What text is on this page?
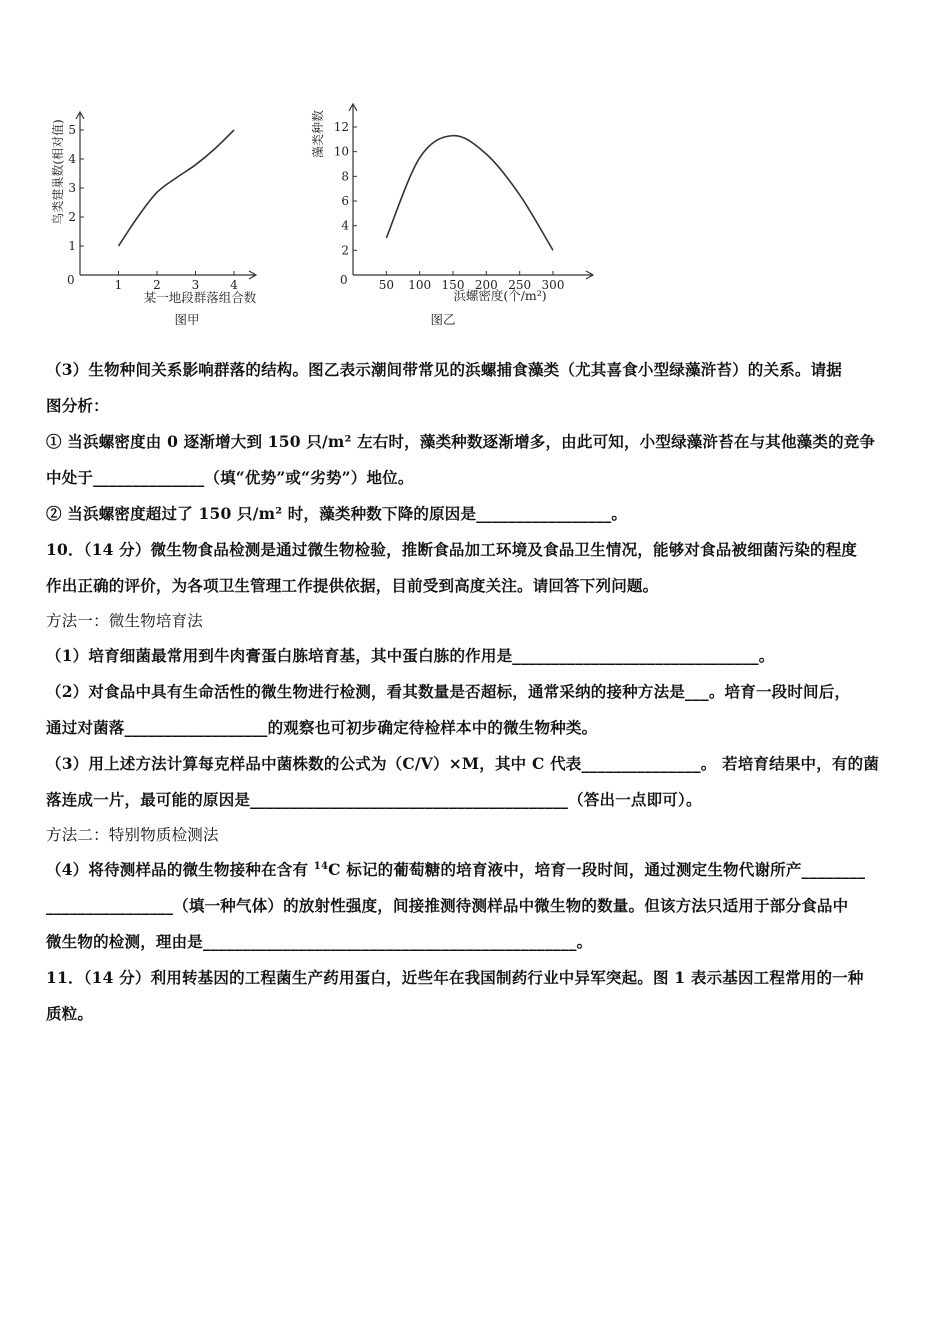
1
2
3
4
5
1	2	3	4
鸟类建巢数(相对值)
0
某一地段群落组合数
图甲
2
4
6
8
10
12
50 100 150 200 250 300
藻类种数
0
浜螺密度(个/m²)
图乙
（3）生物种间关系影响群落的结构。图乙表示潮间带常见的浜螺捕食藻类（尤其喜食小型绿藻浒苔）的关系。请据
图分析：
① 当浜螺密度由 0 逐渐增大到 150 只/m² 左右时，藻类种数逐渐增多，由此可知，小型绿藻浒苔在与其他藻类的竞争
中处于______________（填“优势”或“劣势”）地位。
② 当浜螺密度超过了 150 只/m² 时，藻类种数下降的原因是_________________。
10．（14 分）微生物食品检测是通过微生物检验，推断食品加工环境及食品卫生情况，能够对食品被细菌污染的程度
作出正确的评价，为各项卫生管理工作提供依据，目前受到高度关注。请回答下列问题。
方法一：微生物培育法
（1）培育细菌最常用到牛肉膏蛋白胨培育基，其中蛋白胨的作用是_______________________________。
（2）对食品中具有生命活性的微生物进行检测，看其数量是否超标，通常采纳的接种方法是___。培育一段时间后，
通过对菌落__________________的观察也可初步确定待检样本中的微生物种类。
（3）用上述方法计算每克样品中菌株数的公式为（C/V）×M，其中 C 代表_______________。 若培育结果中，有的菌
落连成一片，最可能的原因是________________________________________（答出一点即可）。
方法二：特别物质检测法
（4）将待测样品的微生物接种在含有 $^{14}$C 标记的葡萄糖的培育液中，培育一段时间，通过测定生物代谢所产________
________________（填一种气体）的放射性强度，间接推测待测样品中微生物的数量。但该方法只适用于部分食品中
微生物的检测，理由是_______________________________________________。
11．（14 分）利用转基因的工程菌生产药用蛋白，近些年在我国制药行业中异军突起。图 1 表示基因工程常用的一种
质粒。
